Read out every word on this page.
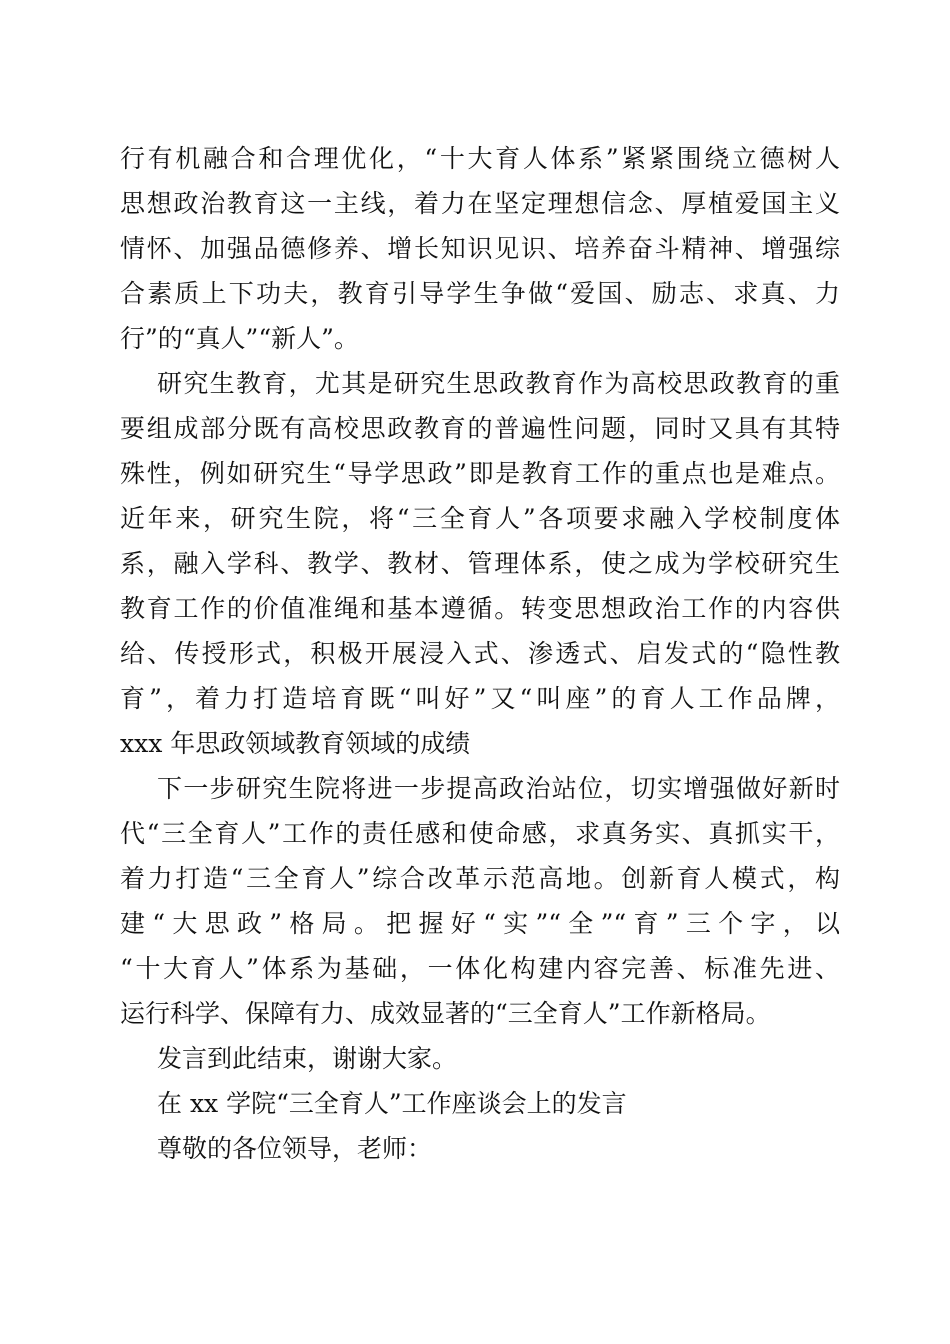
行有机融合和合理优化，“十大育人体系”紧紧围绕立德树人
思想政治教育这一主线，着力在坚定理想信念、厚植爱国主义
情怀、加强品德修养、增长知识见识、培养奋斗精神、增强综
合素质上下功夫，教育引导学生争做“爱国、励志、求真、力
行”的“真人”“新人”。
研究生教育，尤其是研究生思政教育作为高校思政教育的重
要组成部分既有高校思政教育的普遍性问题，同时又具有其特
殊性，例如研究生“导学思政”即是教育工作的重点也是难点。
近年来，研究生院，将“三全育人”各项要求融入学校制度体
系，融入学科、教学、教材、管理体系，使之成为学校研究生
教育工作的价值准绳和基本遵循。转变思想政治工作的内容供
给、传授形式，积极开展浸入式、渗透式、启发式的“隐性教
育”，着力打造培育既“叫好”又“叫座”的育人工作品牌，
xxx 年思政领域教育领域的成绩
下一步研究生院将进一步提高政治站位，切实增强做好新时
代“三全育人”工作的责任感和使命感，求真务实、真抓实干，
着力打造“三全育人”综合改革示范高地。创新育人模式，构
建“大思政”格局。把握好“实”“全”“育”三个字，以
“十大育人”体系为基础，一体化构建内容完善、标准先进、
运行科学、保障有力、成效显著的“三全育人”工作新格局。
发言到此结束，谢谢大家。
在 xx 学院“三全育人”工作座谈会上的发言
尊敬的各位领导，老师：
